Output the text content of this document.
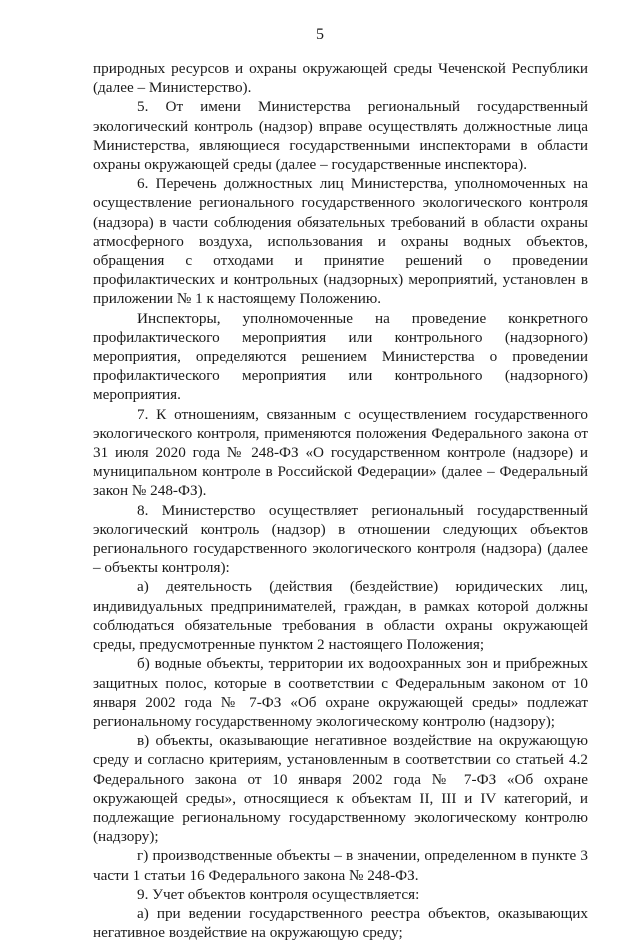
5

природных ресурсов и охраны окружающей среды Чеченской Республики (далее – Министерство).

5. От имени Министерства региональный государственный экологический контроль (надзор) вправе осуществлять должностные лица Министерства, являющиеся государственными инспекторами в области охраны окружающей среды (далее – государственные инспектора).

6. Перечень должностных лиц Министерства, уполномоченных на осуществление регионального государственного экологического контроля (надзора) в части соблюдения обязательных требований в области охраны атмосферного воздуха, использования и охраны водных объектов, обращения с отходами и принятие решений о проведении профилактических и контрольных (надзорных) мероприятий, установлен в приложении № 1 к настоящему Положению.

Инспекторы, уполномоченные на проведение конкретного профилактического мероприятия или контрольного (надзорного) мероприятия, определяются решением Министерства о проведении профилактического мероприятия или контрольного (надзорного) мероприятия.

7. К отношениям, связанным с осуществлением государственного экологического контроля, применяются положения Федерального закона от 31 июля 2020 года № 248-ФЗ «О государственном контроле (надзоре) и муниципальном контроле в Российской Федерации» (далее – Федеральный закон № 248-ФЗ).

8. Министерство осуществляет региональный государственный экологический контроль (надзор) в отношении следующих объектов регионального государственного экологического контроля (надзора) (далее – объекты контроля):

а) деятельность (действия (бездействие) юридических лиц, индивидуальных предпринимателей, граждан, в рамках которой должны соблюдаться обязательные требования в области охраны окружающей среды, предусмотренные пунктом 2 настоящего Положения;

б) водные объекты, территории их водоохранных зон и прибрежных защитных полос, которые в соответствии с Федеральным законом от 10 января 2002 года № 7-ФЗ «Об охране окружающей среды» подлежат региональному государственному экологическому контролю (надзору);

в) объекты, оказывающие негативное воздействие на окружающую среду и согласно критериям, установленным в соответствии со статьей 4.2 Федерального закона от 10 января 2002 года № 7-ФЗ «Об охране окружающей среды», относящиеся к объектам II, III и IV категорий, и подлежащие региональному государственному экологическому контролю (надзору);

г) производственные объекты – в значении, определенном в пункте 3 части 1 статьи 16 Федерального закона № 248-ФЗ.

9. Учет объектов контроля осуществляется:

а) при ведении государственного реестра объектов, оказывающих негативное воздействие на окружающую среду;
